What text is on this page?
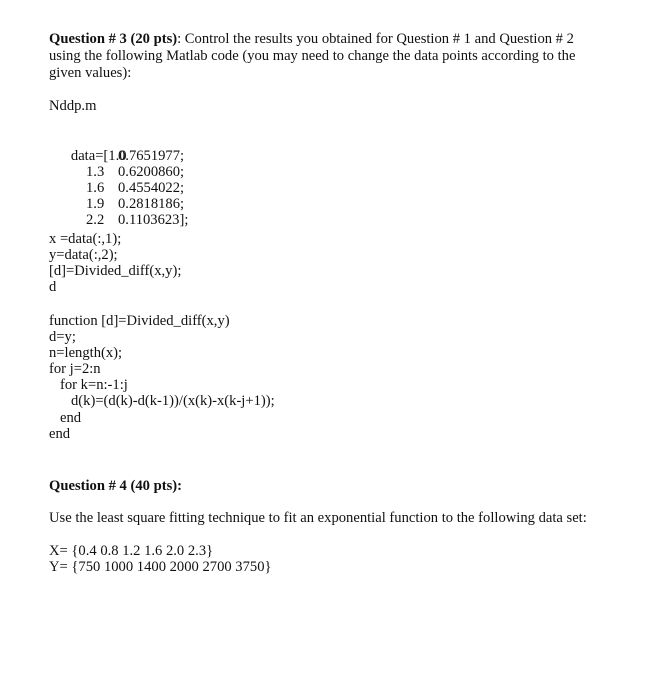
Question # 3 (20 pts): Control the results you obtained for Question # 1 and Question # 2
using the following Matlab code (you may need to change the data points according to the
given values):
Nddp.m

data=[1.0
0.7651977;

1.3 0.6200860;

1.6 0.4554022;

1.9 0.2818186;

2.2 0.1103623];

x =data(:,1);
y=data(:,2);
[d]=Divided_diff(x,y);
d
function [d]=Divided_diff(x,y)
d=y;
n=length(x);
for j=2:n
for k=n:-1:j
d(k)=(d(k)-d(k-1))/(x(k)-x(k-j+1));
end
end
Question # 4 (40 pts):
Use the least square fitting technique to fit an exponential function to the following data set:
X= {0.4 0.8 1.2 1.6 2.0 2.3}
Y= {750 1000 1400 2000 2700 3750}
